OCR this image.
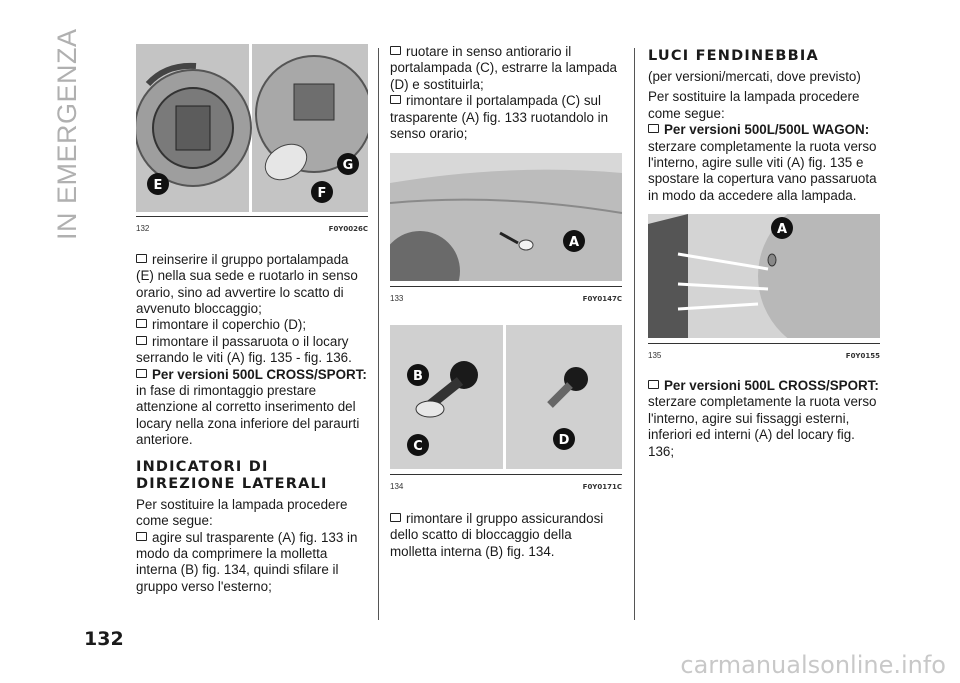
IN EMERGENZA
132
E
F
G
132	F0Y0026C

reinserire il gruppo portalampada (E) nella sua sede e ruotarlo in senso orario, sino ad avvertire lo scatto di avvenuto bloccaggio;

rimontare il coperchio (D);

rimontare il passaruota o il locary serrando le viti (A) fig. 135 - fig. 136.

Per versioni 500L CROSS/SPORT:

in fase di rimontaggio prestare attenzione al corretto inserimento del locary nella zona inferiore del paraurti anteriore.

INDICATORI DI DIREZIONE LATERALI

Per sostituire la lampada procedere come segue:

agire sul trasparente (A) fig. 133 in modo da comprimere la molletta interna (B) fig. 134, quindi sfilare il gruppo verso l'esterno;

ruotare in senso antiorario il portalampada (C), estrarre la lampada (D) e sostituirla;

rimontare il portalampada (C) sul trasparente (A) fig. 133 ruotandolo in senso orario;

A
133	F0Y0147C
B
C	D
134	F0Y0171C

rimontare il gruppo assicurandosi dello scatto di bloccaggio della molletta interna (B) fig. 134.

LUCI FENDINEBBIA

(per versioni/mercati, dove previsto)

Per sostituire la lampada procedere come segue:

Per versioni 500L/500L WAGON:

sterzare completamente la ruota verso l'interno, agire sulle viti (A) fig. 135 e spostare la copertura vano passaruota in modo da accedere alla lampada.

A
135	F0Y0155

Per versioni 500L CROSS/SPORT:

sterzare completamente la ruota verso l'interno, agire sui fissaggi esterni, inferiori ed interni (A) del locary fig. 136;

carmanualsonline.info
